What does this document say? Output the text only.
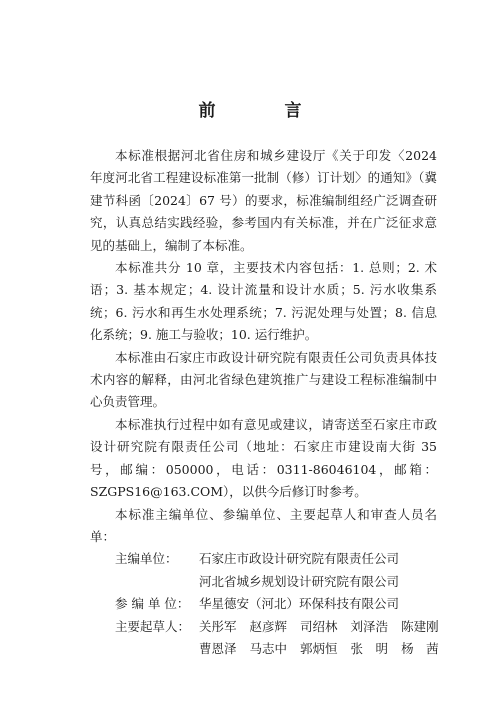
前　言

本标准根据河北省住房和城乡建设厅《关于印发〈2024 年度河北省工程建设标准第一批制（修）订计划〉的通知》（冀建节科函〔2024〕67 号）的要求，标准编制组经广泛调查研究，认真总结实践经验，参考国内有关标准，并在广泛征求意见的基础上，编制了本标准。

本标准共分 10 章，主要技术内容包括：1. 总则；2. 术语；3. 基本规定；4. 设计流量和设计水质；5. 污水收集系统；6. 污水和再生水处理系统；7. 污泥处理与处置；8. 信息化系统；9. 施工与验收；10. 运行维护。

本标准由石家庄市政设计研究院有限责任公司负责具体技术内容的解释，由河北省绿色建筑推广与建设工程标准编制中心负责管理。

本标准执行过程中如有意见或建议，请寄送至石家庄市政设计研究院有限责任公司（地址：石家庄市建设南大街 35 号，邮编：050000，电话：0311-86046104，邮箱：SZGPS16@163.COM），以供今后修订时参考。

本标准主编单位、参编单位、主要起草人和审查人员名单：

主编单位：	石家庄市政设计研究院有限责任公司
河北省城乡规划设计研究院有限公司
参 编 单 位： 华星德安（河北）环保科技有限公司
主要起草人： 关彤军 赵彦辉 司绍林 刘泽浩 陈建刚
曹恩泽 马志中 郭炳恒 张　明 杨　茜
